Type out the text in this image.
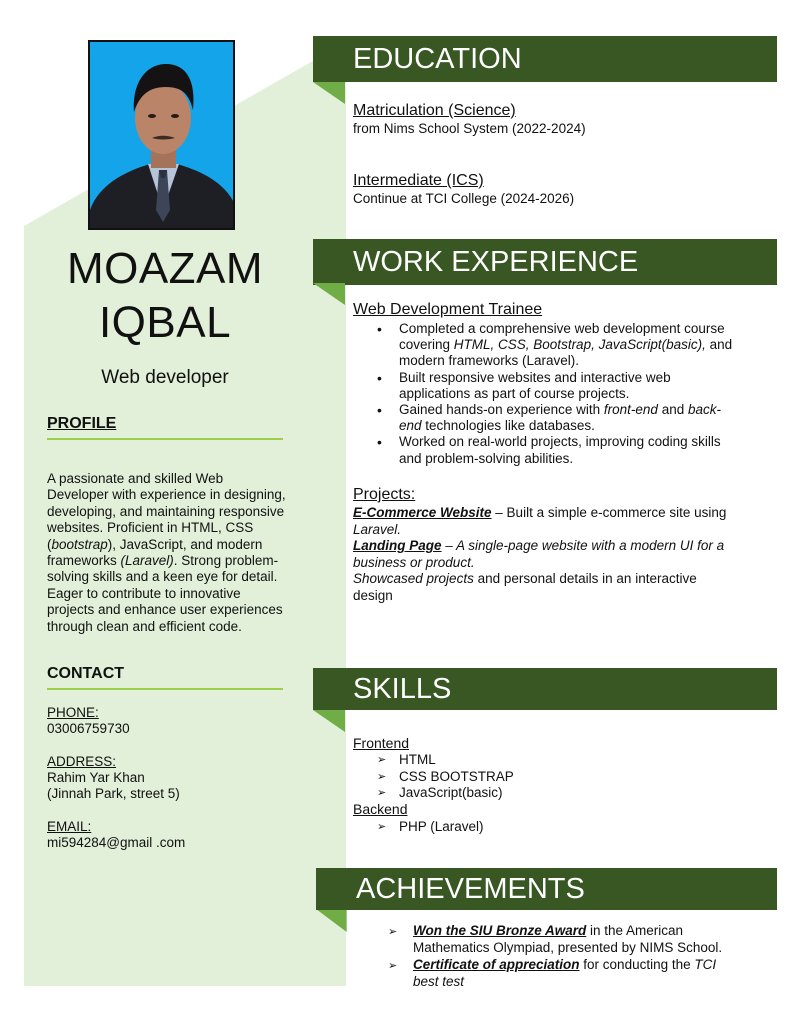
MOAZAM
IQBAL
Web developer
PROFILE
A passionate and skilled Web Developer with experience in designing, developing, and maintaining responsive websites. Proficient in HTML, CSS (bootstrap), JavaScript, and modern frameworks (Laravel). Strong problem-solving skills and a keen eye for detail. Eager to contribute to innovative projects and enhance user experiences through clean and efficient code.
CONTACT
PHONE:
03006759730
ADDRESS:
Rahim Yar Khan
(Jinnah Park, street 5)
EMAIL:
mi594284@gmail .com
EDUCATION
Matriculation (Science)
from Nims School System (2022-2024)
Intermediate (ICS)
Continue at TCI College (2024-2026)
WORK EXPERIENCE
Web Development Trainee
• Completed a comprehensive web development course covering HTML, CSS, Bootstrap, JavaScript(basic), and modern frameworks (Laravel).
• Built responsive websites and interactive web applications as part of course projects.
• Gained hands-on experience with front-end and back-end technologies like databases.
• Worked on real-world projects, improving coding skills and problem-solving abilities.
Projects:
E-Commerce Website – Built a simple e-commerce site using Laravel.
Landing Page – A single-page website with a modern UI for a business or product.
Showcased projects and personal details in an interactive design
SKILLS
Frontend
➢ HTML
➢ CSS BOOTSTRAP
➢ JavaScript(basic)
Backend
➢ PHP (Laravel)
ACHIEVEMENTS
➢ Won the SIU Bronze Award in the American Mathematics Olympiad, presented by NIMS School.
➢ Certificate of appreciation for conducting the TCI best test
